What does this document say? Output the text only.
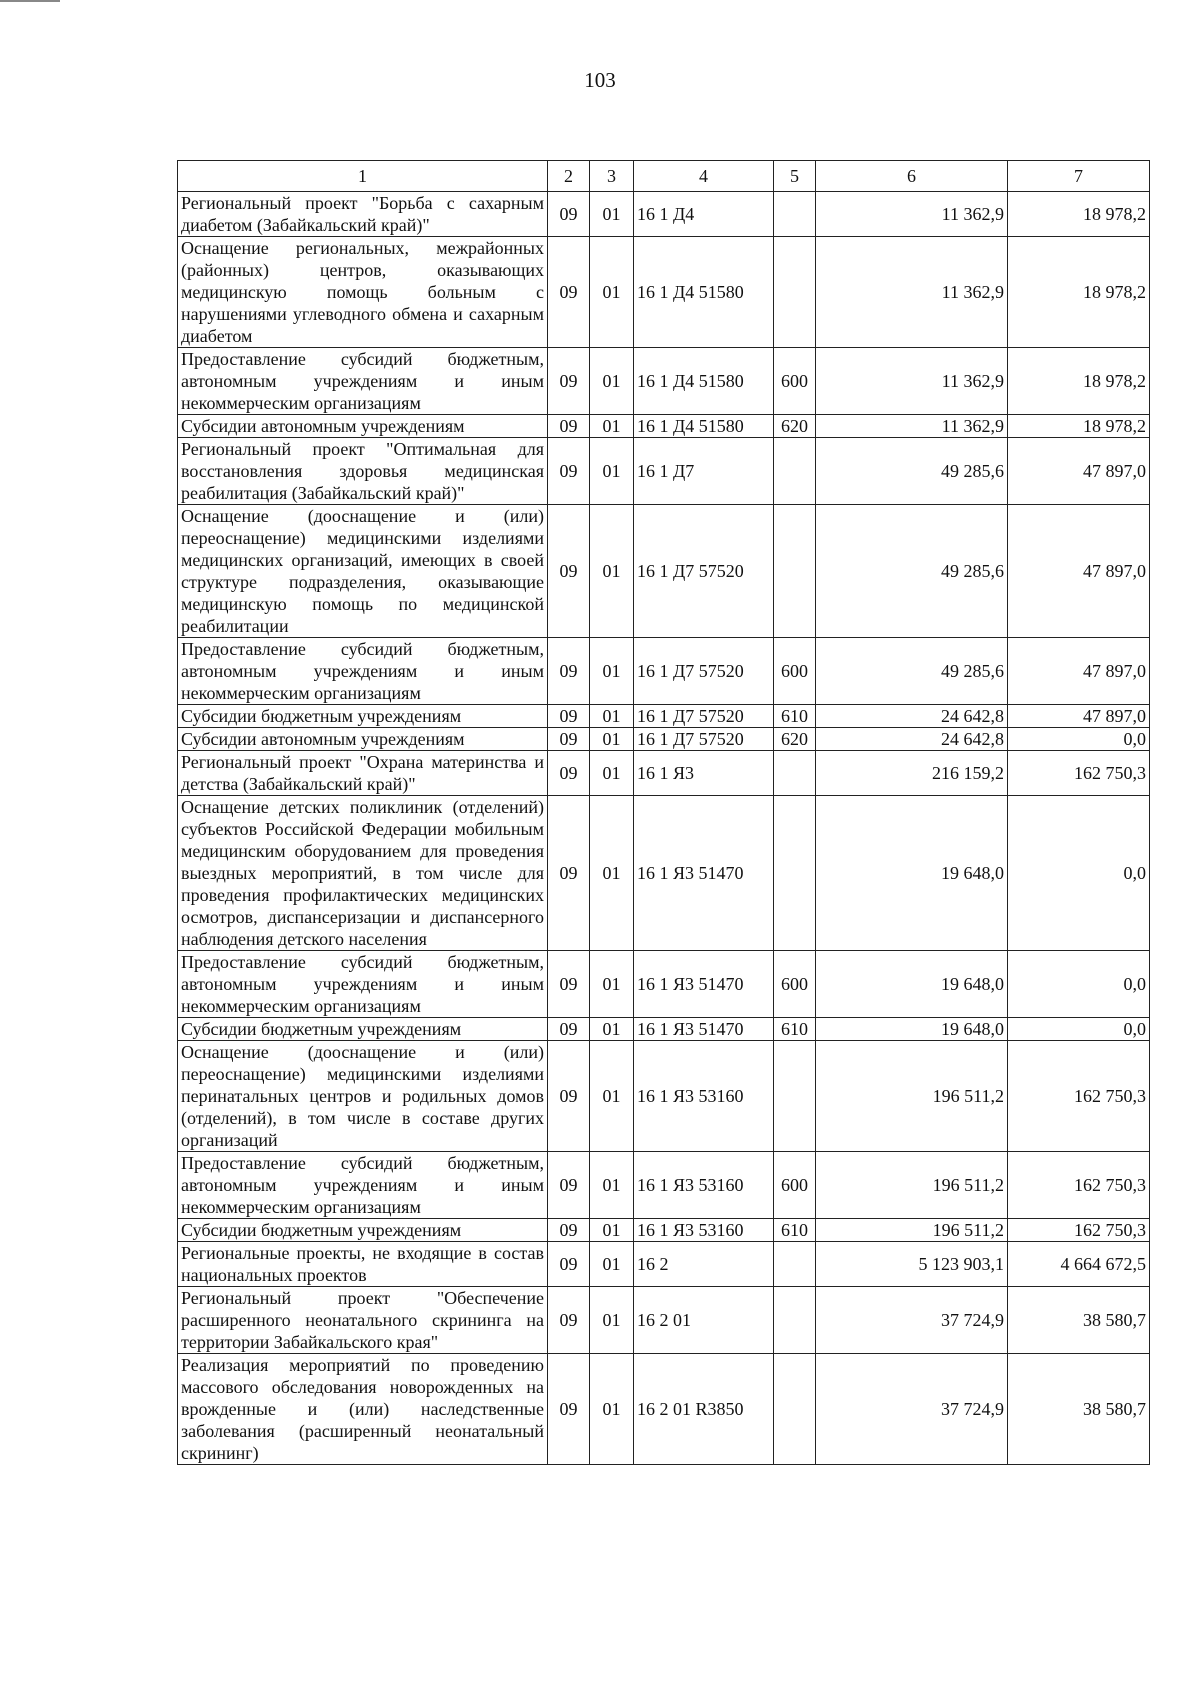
103
1	2	3	4	5	6	7
Региональный проект "Борьба с сахарным диабетом (Забайкальский край)"	09	01	16 1 Д4		11 362,9	18 978,2
Оснащение региональных, межрайонных (районных) центров, оказывающих медицинскую помощь больным с нарушениями углеводного обмена и сахарным диабетом	09	01	16 1 Д4 51580		11 362,9	18 978,2
Предоставление субсидий бюджетным, автономным учреждениям и иным некоммерческим организациям	09	01	16 1 Д4 51580	600	11 362,9	18 978,2
Субсидии автономным учреждениям	09	01	16 1 Д4 51580	620	11 362,9	18 978,2
Региональный проект "Оптимальная для восстановления здоровья медицинская реабилитация (Забайкальский край)"	09	01	16 1 Д7		49 285,6	47 897,0
Оснащение (дооснащение и (или) переоснащение) медицинскими изделиями медицинских организаций, имеющих в своей структуре подразделения, оказывающие медицинскую помощь по медицинской реабилитации	09	01	16 1 Д7 57520		49 285,6	47 897,0
Предоставление субсидий бюджетным, автономным учреждениям и иным некоммерческим организациям	09	01	16 1 Д7 57520	600	49 285,6	47 897,0
Субсидии бюджетным учреждениям	09	01	16 1 Д7 57520	610	24 642,8	47 897,0
Субсидии автономным учреждениям	09	01	16 1 Д7 57520	620	24 642,8	0,0
Региональный проект "Охрана материнства и детства (Забайкальский край)"	09	01	16 1 Я3		216 159,2	162 750,3
Оснащение детских поликлиник (отделений) субъектов Российской Федерации мобильным медицинским оборудованием для проведения выездных мероприятий, в том числе для проведения профилактических медицинских осмотров, диспансеризации и диспансерного наблюдения детского населения	09	01	16 1 Я3 51470		19 648,0	0,0
Предоставление субсидий бюджетным, автономным учреждениям и иным некоммерческим организациям	09	01	16 1 Я3 51470	600	19 648,0	0,0
Субсидии бюджетным учреждениям	09	01	16 1 Я3 51470	610	19 648,0	0,0
Оснащение (дооснащение и (или) переоснащение) медицинскими изделиями перинатальных центров и родильных домов (отделений), в том числе в составе других организаций	09	01	16 1 Я3 53160		196 511,2	162 750,3
Предоставление субсидий бюджетным, автономным учреждениям и иным некоммерческим организациям	09	01	16 1 Я3 53160	600	196 511,2	162 750,3
Субсидии бюджетным учреждениям	09	01	16 1 Я3 53160	610	196 511,2	162 750,3
Региональные проекты, не входящие в состав национальных проектов	09	01	16 2		5 123 903,1	4 664 672,5
Региональный проект "Обеспечение расширенного неонатального скрининга на территории Забайкальского края"	09	01	16 2 01		37 724,9	38 580,7
Реализация мероприятий по проведению массового обследования новорожденных на врожденные и (или) наследственные заболевания (расширенный неонатальный скрининг)	09	01	16 2 01 R3850		37 724,9	38 580,7
